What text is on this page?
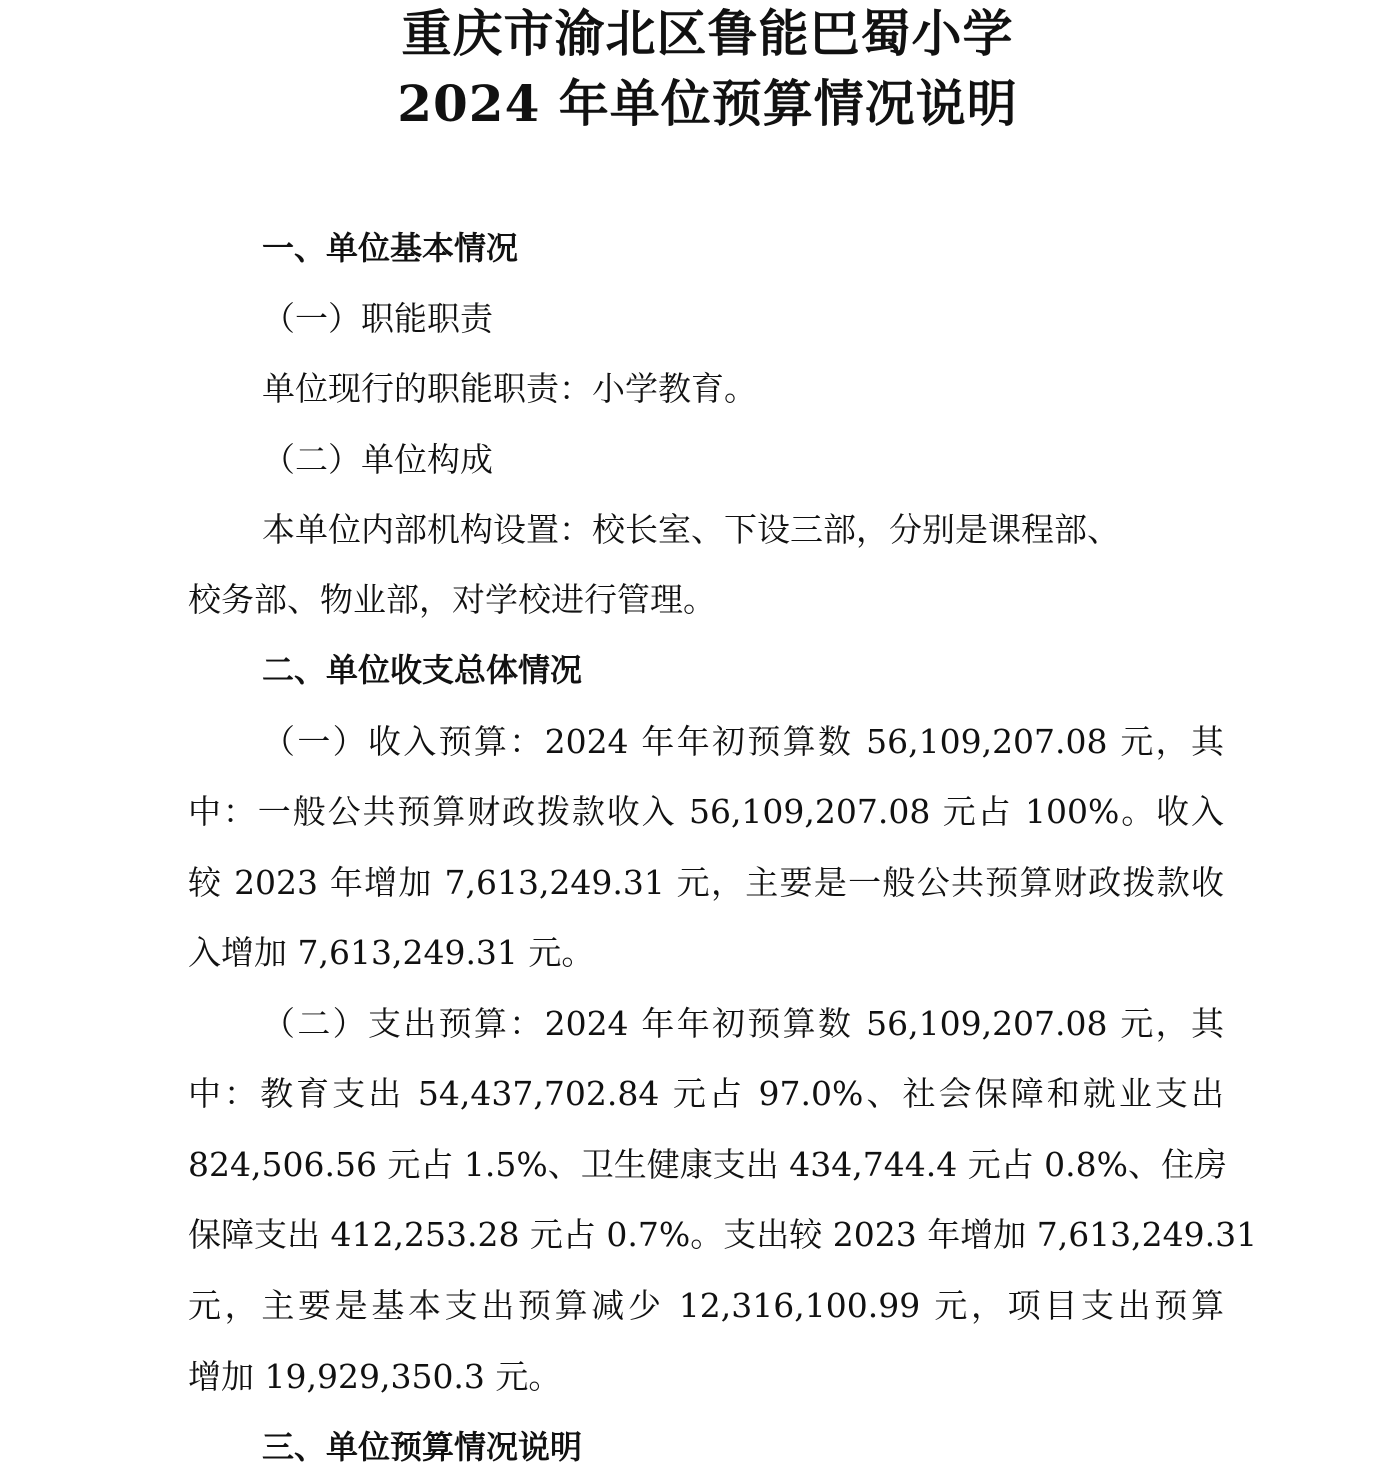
重庆市渝北区鲁能巴蜀小学
2024 年单位预算情况说明
一、单位基本情况
（一）职能职责
单位现行的职能职责：小学教育。
（二）单位构成
本单位内部机构设置：校长室、下设三部，分别是课程部、
校务部、物业部，对学校进行管理。
二、单位收支总体情况
（一）收入预算：2024 年年初预算数 56,109,207.08 元，其
中：一般公共预算财政拨款收入 56,109,207.08 元占 100%。收入
较 2023 年增加 7,613,249.31 元，主要是一般公共预算财政拨款收
入增加 7,613,249.31 元。
（二）支出预算：2024 年年初预算数 56,109,207.08 元，其
中：教育支出 54,437,702.84 元占 97.0%、社会保障和就业支出
824,506.56 元占 1.5%、卫生健康支出 434,744.4 元占 0.8%、住房
保障支出 412,253.28 元占 0.7%。支出较 2023 年增加 7,613,249.31
元，主要是基本支出预算减少 12,316,100.99 元，项目支出预算
增加 19,929,350.3 元。
三、单位预算情况说明
